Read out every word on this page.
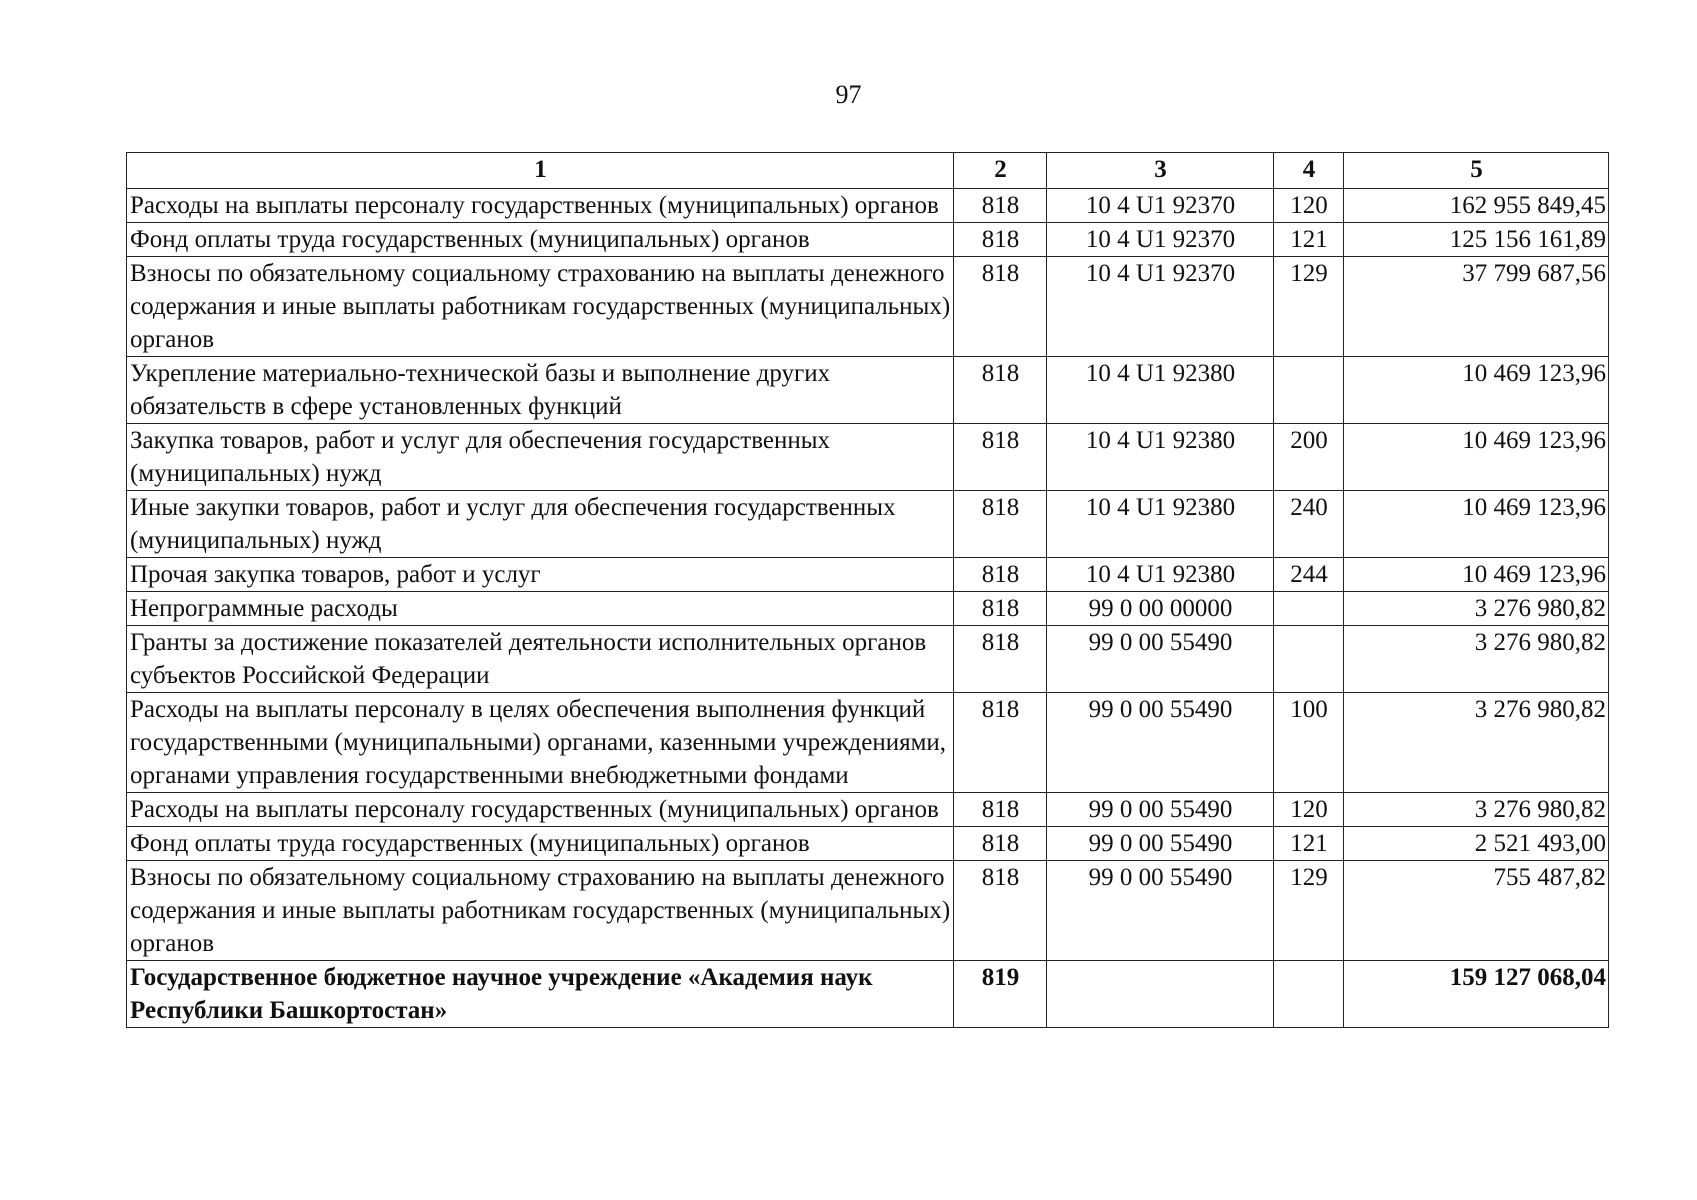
97
1	2	3	4	5
Расходы на выплаты персоналу государственных (муниципальных) органов	818	10 4 U1 92370	120	162 955 849,45
Фонд оплаты труда государственных (муниципальных) органов	818	10 4 U1 92370	121	125 156 161,89
Взносы по обязательному социальному страхованию на выплаты денежного содержания и иные выплаты работникам государственных (муниципальных) органов	818	10 4 U1 92370	129	37 799 687,56
Укрепление материально-технической базы и выполнение других обязательств в сфере установленных функций	818	10 4 U1 92380		10 469 123,96
Закупка товаров, работ и услуг для обеспечения государственных (муниципальных) нужд	818	10 4 U1 92380	200	10 469 123,96
Иные закупки товаров, работ и услуг для обеспечения государственных (муниципальных) нужд	818	10 4 U1 92380	240	10 469 123,96
Прочая закупка товаров, работ и услуг	818	10 4 U1 92380	244	10 469 123,96
Непрограммные расходы	818	99 0 00 00000		3 276 980,82
Гранты за достижение показателей деятельности исполнительных органов субъектов Российской Федерации	818	99 0 00 55490		3 276 980,82
Расходы на выплаты персоналу в целях обеспечения выполнения функций государственными (муниципальными) органами, казенными учреждениями, органами управления государственными внебюджетными фондами	818	99 0 00 55490	100	3 276 980,82
Расходы на выплаты персоналу государственных (муниципальных) органов	818	99 0 00 55490	120	3 276 980,82
Фонд оплаты труда государственных (муниципальных) органов	818	99 0 00 55490	121	2 521 493,00
Взносы по обязательному социальному страхованию на выплаты денежного содержания и иные выплаты работникам государственных (муниципальных) органов	818	99 0 00 55490	129	755 487,82
Государственное бюджетное научное учреждение «Академия наук Республики Башкортостан»	819			159 127 068,04
